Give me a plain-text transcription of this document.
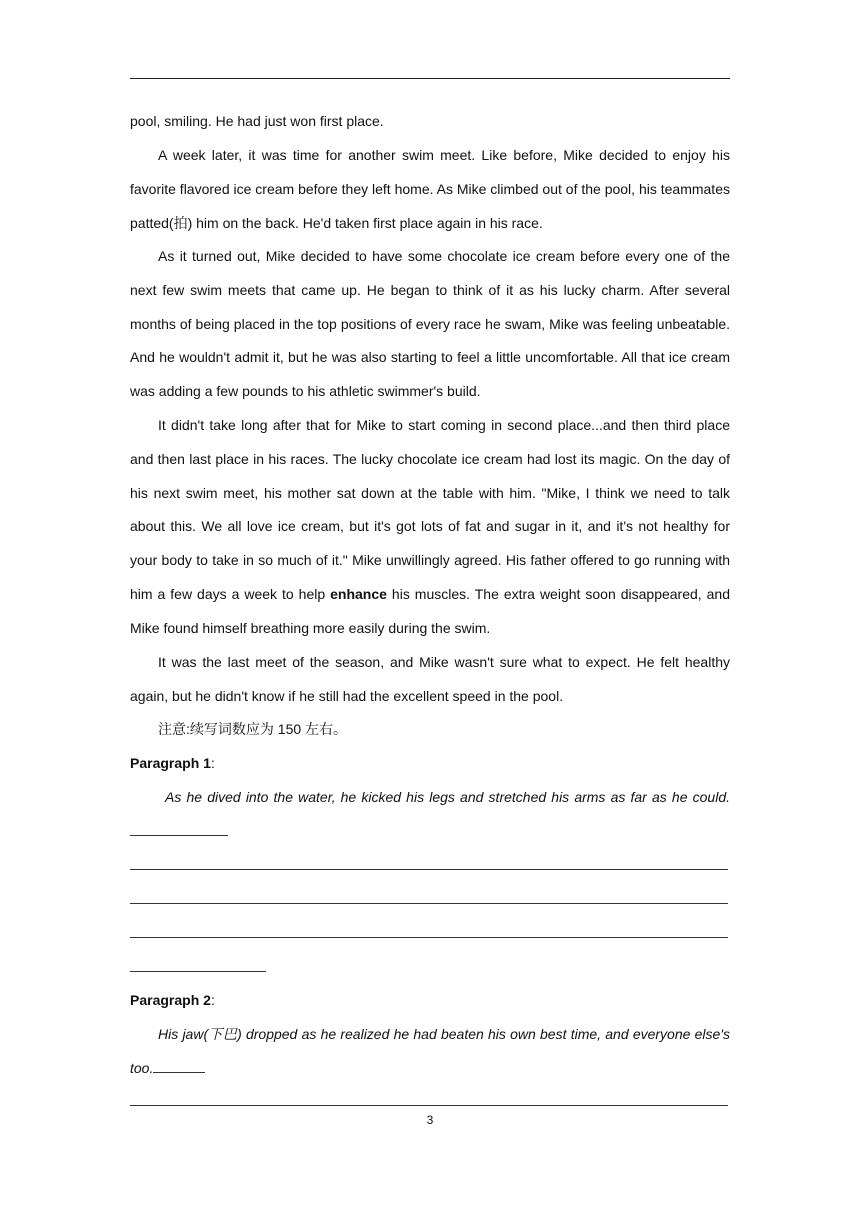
pool, smiling. He had just won first place.

A week later, it was time for another swim meet. Like before, Mike decided to enjoy his favorite flavored ice cream before they left home. As Mike climbed out of the pool, his teammates patted(拍) him on the back. He'd taken first place again in his race.

As it turned out, Mike decided to have some chocolate ice cream before every one of the next few swim meets that came up. He began to think of it as his lucky charm. After several months of being placed in the top positions of every race he swam, Mike was feeling unbeatable. And he wouldn't admit it, but he was also starting to feel a little uncomfortable. All that ice cream was adding a few pounds to his athletic swimmer's build.

It didn't take long after that for Mike to start coming in second place...and then third place and then last place in his races. The lucky chocolate ice cream had lost its magic. On the day of his next swim meet, his mother sat down at the table with him. "Mike, I think we need to talk about this. We all love ice cream, but it's got lots of fat and sugar in it, and it's not healthy for your body to take in so much of it." Mike unwillingly agreed. His father offered to go running with him a few days a week to help enhance his muscles. The extra weight soon disappeared, and Mike found himself breathing more easily during the swim.

It was the last meet of the season, and Mike wasn't sure what to expect. He felt healthy again, but he didn't know if he still had the excellent speed in the pool.

注意:续写词数应为 150 左右。

Paragraph 1:

As he dived into the water, he kicked his legs and stretched his arms as far as he could.

Paragraph 2:

His jaw(下巴) dropped as he realized he had beaten his own best time, and everyone else's too.

3
